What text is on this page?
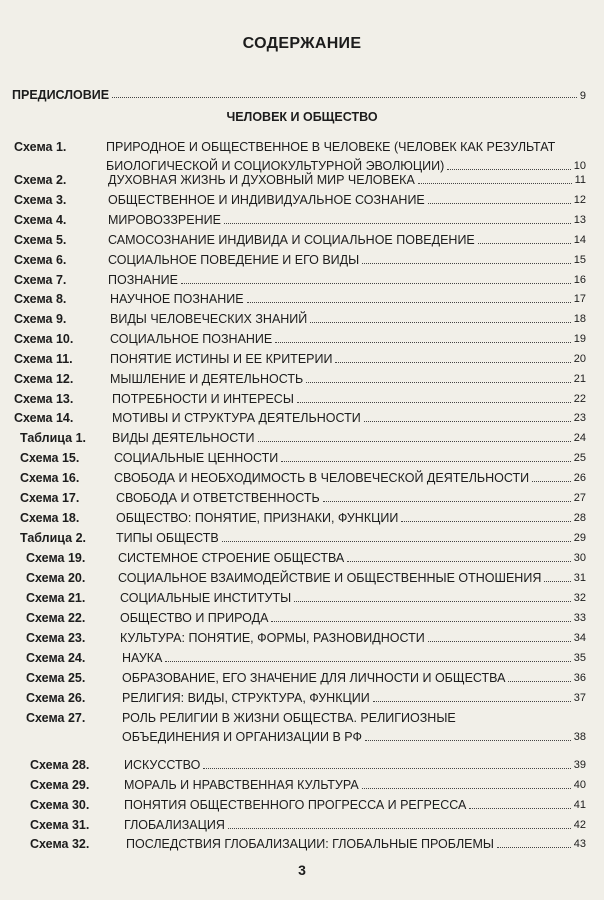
СОДЕРЖАНИЕ
ПРЕДИСЛОВИЕ	9
ЧЕЛОВЕК И ОБЩЕСТВО
Схема 1.	ПРИРОДНОЕ И ОБЩЕСТВЕННОЕ В ЧЕЛОВЕКЕ (ЧЕЛОВЕК КАК РЕЗУЛЬТАТ
БИОЛОГИЧЕСКОЙ И СОЦИОКУЛЬТУРНОЙ ЭВОЛЮЦИИ)	10
Схема 2.	ДУХОВНАЯ ЖИЗНЬ И ДУХОВНЫЙ МИР ЧЕЛОВЕКА	11
Схема 3.	ОБЩЕСТВЕННОЕ И ИНДИВИДУАЛЬНОЕ СОЗНАНИЕ	12
Схема 4.	МИРОВОЗЗРЕНИЕ	13
Схема 5.	САМОСОЗНАНИЕ ИНДИВИДА И СОЦИАЛЬНОЕ ПОВЕДЕНИЕ	14
Схема 6.	СОЦИАЛЬНОЕ ПОВЕДЕНИЕ И ЕГО ВИДЫ	15
Схема 7.	ПОЗНАНИЕ	16
Схема 8.	НАУЧНОЕ ПОЗНАНИЕ	17
Схема 9.	ВИДЫ ЧЕЛОВЕЧЕСКИХ ЗНАНИЙ	18
Схема 10.	СОЦИАЛЬНОЕ ПОЗНАНИЕ	19
Схема 11.	ПОНЯТИЕ ИСТИНЫ И ЕЕ КРИТЕРИИ	20
Схема 12.	МЫШЛЕНИЕ И ДЕЯТЕЛЬНОСТЬ	21
Схема 13.	ПОТРЕБНОСТИ И ИНТЕРЕСЫ	22
Схема 14.	МОТИВЫ И СТРУКТУРА ДЕЯТЕЛЬНОСТИ	23
Таблица 1. ВИДЫ ДЕЯТЕЛЬНОСТИ	24
Схема 15.	СОЦИАЛЬНЫЕ ЦЕННОСТИ	25
Схема 16.	СВОБОДА И НЕОБХОДИМОСТЬ В ЧЕЛОВЕЧЕСКОЙ ДЕЯТЕЛЬНОСТИ	26
Схема 17.	СВОБОДА И ОТВЕТСТВЕННОСТЬ	27
Схема 18.	ОБЩЕСТВО: ПОНЯТИЕ, ПРИЗНАКИ, ФУНКЦИИ	28
Таблица 2. ТИПЫ ОБЩЕСТВ	29
Схема 19.	СИСТЕМНОЕ СТРОЕНИЕ ОБЩЕСТВА	30
Схема 20.	СОЦИАЛЬНОЕ ВЗАИМОДЕЙСТВИЕ И ОБЩЕСТВЕННЫЕ ОТНОШЕНИЯ	31
Схема 21.	СОЦИАЛЬНЫЕ ИНСТИТУТЫ	32
Схема 22.	ОБЩЕСТВО И ПРИРОДА	33
Схема 23.	КУЛЬТУРА: ПОНЯТИЕ, ФОРМЫ, РАЗНОВИДНОСТИ	34
Схема 24.	НАУКА	35
Схема 25.	ОБРАЗОВАНИЕ, ЕГО ЗНАЧЕНИЕ ДЛЯ ЛИЧНОСТИ И ОБЩЕСТВА	36
Схема 26.	РЕЛИГИЯ: ВИДЫ, СТРУКТУРА, ФУНКЦИИ	37
Схема 27.	РОЛЬ РЕЛИГИИ В ЖИЗНИ ОБЩЕСТВА. РЕЛИГИОЗНЫЕ
ОБЪЕДИНЕНИЯ И ОРГАНИЗАЦИИ В РФ	38
Схема 28.	ИСКУССТВО	39
Схема 29.	МОРАЛЬ И НРАВСТВЕННАЯ КУЛЬТУРА	40
Схема 30.	ПОНЯТИЯ ОБЩЕСТВЕННОГО ПРОГРЕССА И РЕГРЕССА	41
Схема 31.	ГЛОБАЛИЗАЦИЯ	42
Схема 32.	ПОСЛЕДСТВИЯ ГЛОБАЛИЗАЦИИ: ГЛОБАЛЬНЫЕ ПРОБЛЕМЫ	43
3
